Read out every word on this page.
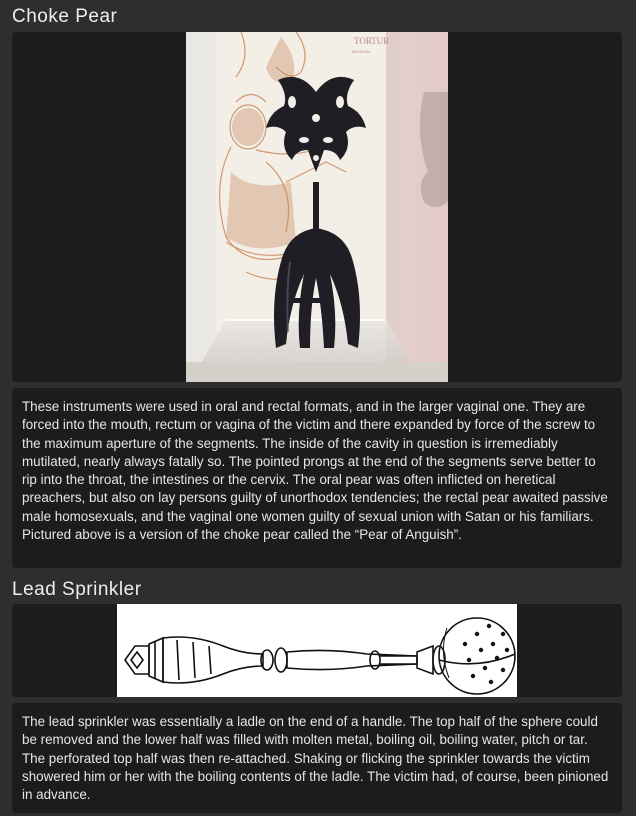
Choke Pear
TORTUR
MUSEUM
These instruments were used in oral and rectal formats, and in the larger vaginal one. They are forced into the mouth, rectum or vagina of the victim and there expanded by force of the screw to the maximum aperture of the segments. The inside of the cavity in question is irremediably mutilated, nearly always fatally so. The pointed prongs at the end of the segments serve better to rip into the throat, the intestines or the cervix. The oral pear was often inflicted on heretical preachers, but also on lay persons guilty of unorthodox tendencies; the rectal pear awaited passive male homosexuals, and the vaginal one women guilty of sexual union with Satan or his familiars. Pictured above is a version of the choke pear called the “Pear of Anguish”.
Lead Sprinkler
The lead sprinkler was essentially a ladle on the end of a handle. The top half of the sphere could be removed and the lower half was filled with molten metal, boiling oil, boiling water, pitch or tar. The perforated top half was then re-attached. Shaking or flicking the sprinkler towards the victim showered him or her with the boiling contents of the ladle. The victim had, of course, been pinioned in advance.
